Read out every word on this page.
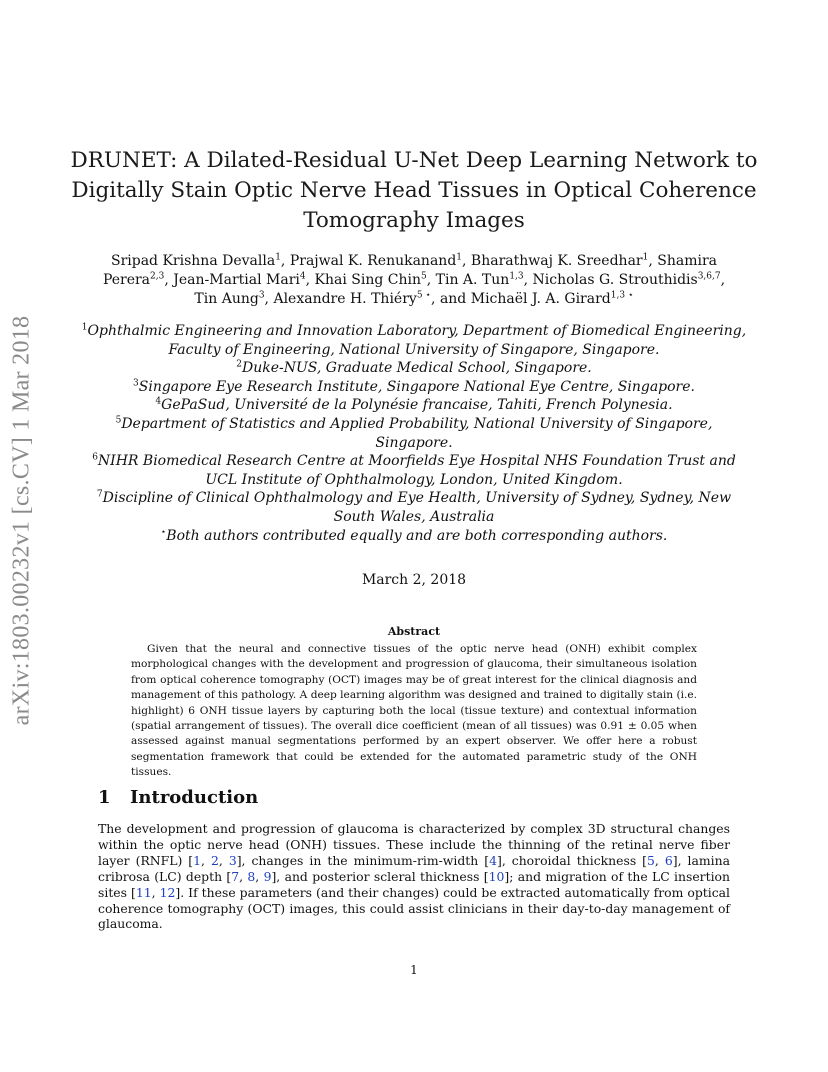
arXiv:1803.00232v1 [cs.CV] 1 Mar 2018
DRUNET: A Dilated-Residual U-Net Deep Learning Network to
Digitally Stain Optic Nerve Head Tissues in Optical Coherence
Tomography Images
Sripad Krishna Devalla$^1$, Prajwal K. Renukanand$^1$, Bharathwaj K. Sreedhar$^1$, Shamira Perera$^{2,3}$, Jean-Martial Mari$^4$, Khai Sing Chin$^5$, Tin A. Tun$^{1,3}$, Nicholas G. Strouthidis$^{3,6,7}$, Tin Aung$^3$, Alexandre H. Thiéry$^{5 ⋆}$, and Michaël J. A. Girard$^{1,3 ⋆}$
$^1$Ophthalmic Engineering and Innovation Laboratory, Department of Biomedical Engineering, Faculty of Engineering, National University of Singapore, Singapore.
$^2$Duke-NUS, Graduate Medical School, Singapore.
$^3$Singapore Eye Research Institute, Singapore National Eye Centre, Singapore.
$^4$GePaSud, Université de la Polynésie francaise, Tahiti, French Polynesia.
$^5$Department of Statistics and Applied Probability, National University of Singapore, Singapore.
$^6$NIHR Biomedical Research Centre at Moorfields Eye Hospital NHS Foundation Trust and UCL Institute of Ophthalmology, London, United Kingdom.
$^7$Discipline of Clinical Ophthalmology and Eye Health, University of Sydney, Sydney, New South Wales, Australia
⋆Both authors contributed equally and are both corresponding authors.
March 2, 2018
Abstract
Given that the neural and connective tissues of the optic nerve head (ONH) exhibit complex morphological changes with the development and progression of glaucoma, their simultaneous isolation from optical coherence tomography (OCT) images may be of great interest for the clinical diagnosis and management of this pathology. A deep learning algorithm was designed and trained to digitally stain (i.e. highlight) 6 ONH tissue layers by capturing both the local (tissue texture) and contextual information (spatial arrangement of tissues). The overall dice coefficient (mean of all tissues) was 0.91 ± 0.05 when assessed against manual segmentations performed by an expert observer. We offer here a robust segmentation framework that could be extended for the automated parametric study of the ONH tissues.
1 Introduction
The development and progression of glaucoma is characterized by complex 3D structural changes within the optic nerve head (ONH) tissues. These include the thinning of the retinal nerve fiber layer (RNFL) [1, 2, 3], changes in the minimum-rim-width [4], choroidal thickness [5, 6], lamina cribrosa (LC) depth [7, 8, 9], and posterior scleral thickness [10]; and migration of the LC insertion sites [11, 12]. If these parameters (and their changes) could be extracted automatically from optical coherence tomography (OCT) images, this could assist clinicians in their day-to-day management of glaucoma.
1
